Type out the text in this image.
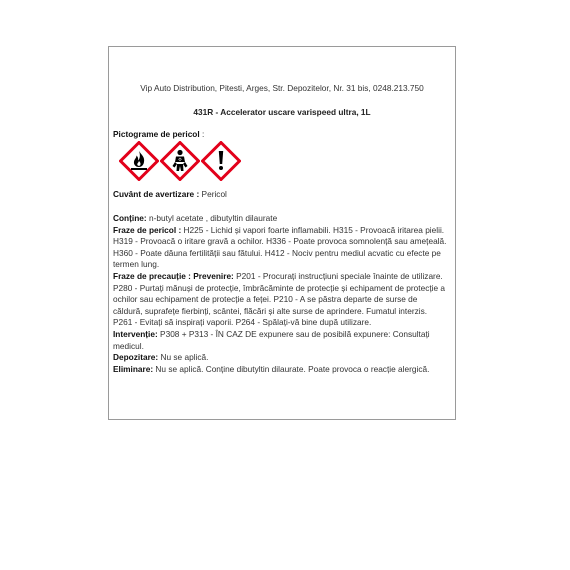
Vip Auto Distribution, Pitesti, Arges, Str. Depozitelor, Nr. 31 bis, 0248.213.750
431R - Accelerator uscare varispeed ultra, 1L
Pictograme de pericol :
Cuvânt de avertizare : Pericol

Conține: n-butyl acetate , dibutyltin dilaurate

Fraze de pericol : H225 - Lichid și vapori foarte inflamabili. H315 - Provoacă iritarea pielii. H319 - Provoacă o iritare gravă a ochilor. H336 - Poate provoca somnolență sau amețeală. H360 - Poate dăuna fertilității sau fătului. H412 - Nociv pentru mediul acvatic cu efecte pe termen lung.

Fraze de precauție : Prevenire: P201 - Procurați instrucțiuni speciale înainte de utilizare. P280 - Purtați mănuși de protecție, îmbrăcăminte de protecție și echipament de protecție a ochilor sau echipament de protecție a feței. P210 - A se păstra departe de surse de căldură, suprafețe fierbinți, scântei, flăcări și alte surse de aprindere. Fumatul interzis. P261 - Evitați să inspirați vaporii. P264 - Spălați-vă bine după utilizare.

Intervenție: P308 + P313 - ÎN CAZ DE expunere sau de posibilă expunere: Consultați medicul.

Depozitare: Nu se aplică.

Eliminare: Nu se aplică. Conține dibutyltin dilaurate. Poate provoca o reacție alergică.
